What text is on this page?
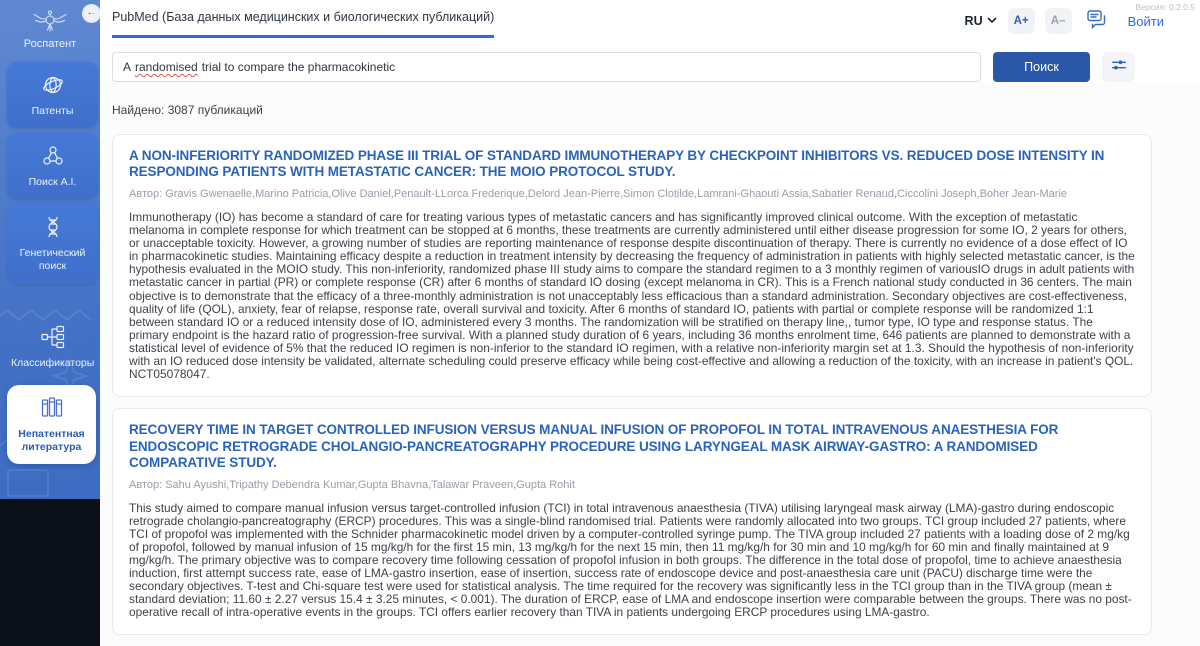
Роспатент
Патенты
Поиск A.I.
Генетический поиск
Классификаторы
Непатентная литература
←	Версия: 0.2.0.5
PubMed (База данных медицинских и биологических публикаций)	RU	A+	A–	Войти
A randomised trial to compare the pharmacokinetic	Поиск
Найдено: 3087 публикаций
A NON-INFERIORITY RANDOMIZED PHASE III TRIAL OF STANDARD IMMUNOTHERAPY BY CHECKPOINT INHIBITORS VS. REDUCED DOSE INTENSITY IN RESPONDING PATIENTS WITH METASTATIC CANCER: THE MOIO PROTOCOL STUDY.
Автор: Gravis Gwenaelle,Marino Patricia,Olive Daniel,Penault-LLorca Frederique,Delord Jean-Pierre,Simon Clotilde,Lamrani-Ghaouti Assia,Sabatier Renaud,Ciccolini Joseph,Boher Jean-Marie
Immunotherapy (IO) has become a standard of care for treating various types of metastatic cancers and has significantly improved clinical outcome. With the exception of metastatic melanoma in complete response for which treatment can be stopped at 6 months, these treatments are currently administered until either disease progression for some IO, 2 years for others, or unacceptable toxicity. However, a growing number of studies are reporting maintenance of response despite discontinuation of therapy. There is currently no evidence of a dose effect of IO in pharmacokinetic studies. Maintaining efficacy despite a reduction in treatment intensity by decreasing the frequency of administration in patients with highly selected metastatic cancer, is the hypothesis evaluated in the MOIO study. This non-inferiority, randomized phase III study aims to compare the standard regimen to a 3 monthly regimen of variousIO drugs in adult patients with metastatic cancer in partial (PR) or complete response (CR) after 6 months of standard IO dosing (except melanoma in CR). This is a French national study conducted in 36 centers. The main objective is to demonstrate that the efficacy of a three-monthly administration is not unacceptably less efficacious than a standard administration. Secondary objectives are cost-effectiveness, quality of life (QOL), anxiety, fear of relapse, response rate, overall survival and toxicity. After 6 months of standard IO, patients with partial or complete response will be randomized 1:1 between standard IO or a reduced intensity dose of IO, administered every 3 months. The randomization will be stratified on therapy line,, tumor type, IO type and response status. The primary endpoint is the hazard ratio of progression-free survival. With a planned study duration of 6 years, including 36 months enrolment time, 646 patients are planned to demonstrate with a statistical level of evidence of 5% that the reduced IO regimen is non-inferior to the standard IO regimen, with a relative non-inferiority margin set at 1.3. Should the hypothesis of non-inferiority with an IO reduced dose intensity be validated, alternate scheduling could preserve efficacy while being cost-effective and allowing a reduction of the toxicity, with an increase in patient's QOL. NCT05078047.
RECOVERY TIME IN TARGET CONTROLLED INFUSION VERSUS MANUAL INFUSION OF PROPOFOL IN TOTAL INTRAVENOUS ANAESTHESIA FOR ENDOSCOPIC RETROGRADE CHOLANGIO-PANCREATOGRAPHY PROCEDURE USING LARYNGEAL MASK AIRWAY-GASTRO: A RANDOMISED COMPARATIVE STUDY.
Автор: Sahu Ayushi,Tripathy Debendra Kumar,Gupta Bhavna,Talawar Praveen,Gupta Rohit
This study aimed to compare manual infusion versus target-controlled infusion (TCI) in total intravenous anaesthesia (TIVA) utilising laryngeal mask airway (LMA)-gastro during endoscopic retrograde cholangio-pancreatography (ERCP) procedures. This was a single-blind randomised trial. Patients were randomly allocated into two groups. TCI group included 27 patients, where TCI of propofol was implemented with the Schnider pharmacokinetic model driven by a computer-controlled syringe pump. The TIVA group included 27 patients with a loading dose of 2 mg/kg of propofol, followed by manual infusion of 15 mg/kg/h for the first 15 min, 13 mg/kg/h for the next 15 min, then 11 mg/kg/h for 30 min and 10 mg/kg/h for 60 min and finally maintained at 9 mg/kg/h. The primary objective was to compare recovery time following cessation of propofol infusion in both groups. The difference in the total dose of propofol, time to achieve anaesthesia induction, first attempt success rate, ease of LMA-gastro insertion, ease of insertion, success rate of endoscope device and post-anaesthesia care unit (PACU) discharge time were the secondary objectives. T-test and Chi-square test were used for statistical analysis. The time required for the recovery was significantly less in the TCI group than in the TIVA group (mean ± standard deviation; 11.60 ± 2.27 versus 15.4 ± 3.25 minutes, < 0.001). The duration of ERCP, ease of LMA and endoscope insertion were comparable between the groups. There was no post-operative recall of intra-operative events in the groups. TCI offers earlier recovery than TIVA in patients undergoing ERCP procedures using LMA-gastro.
